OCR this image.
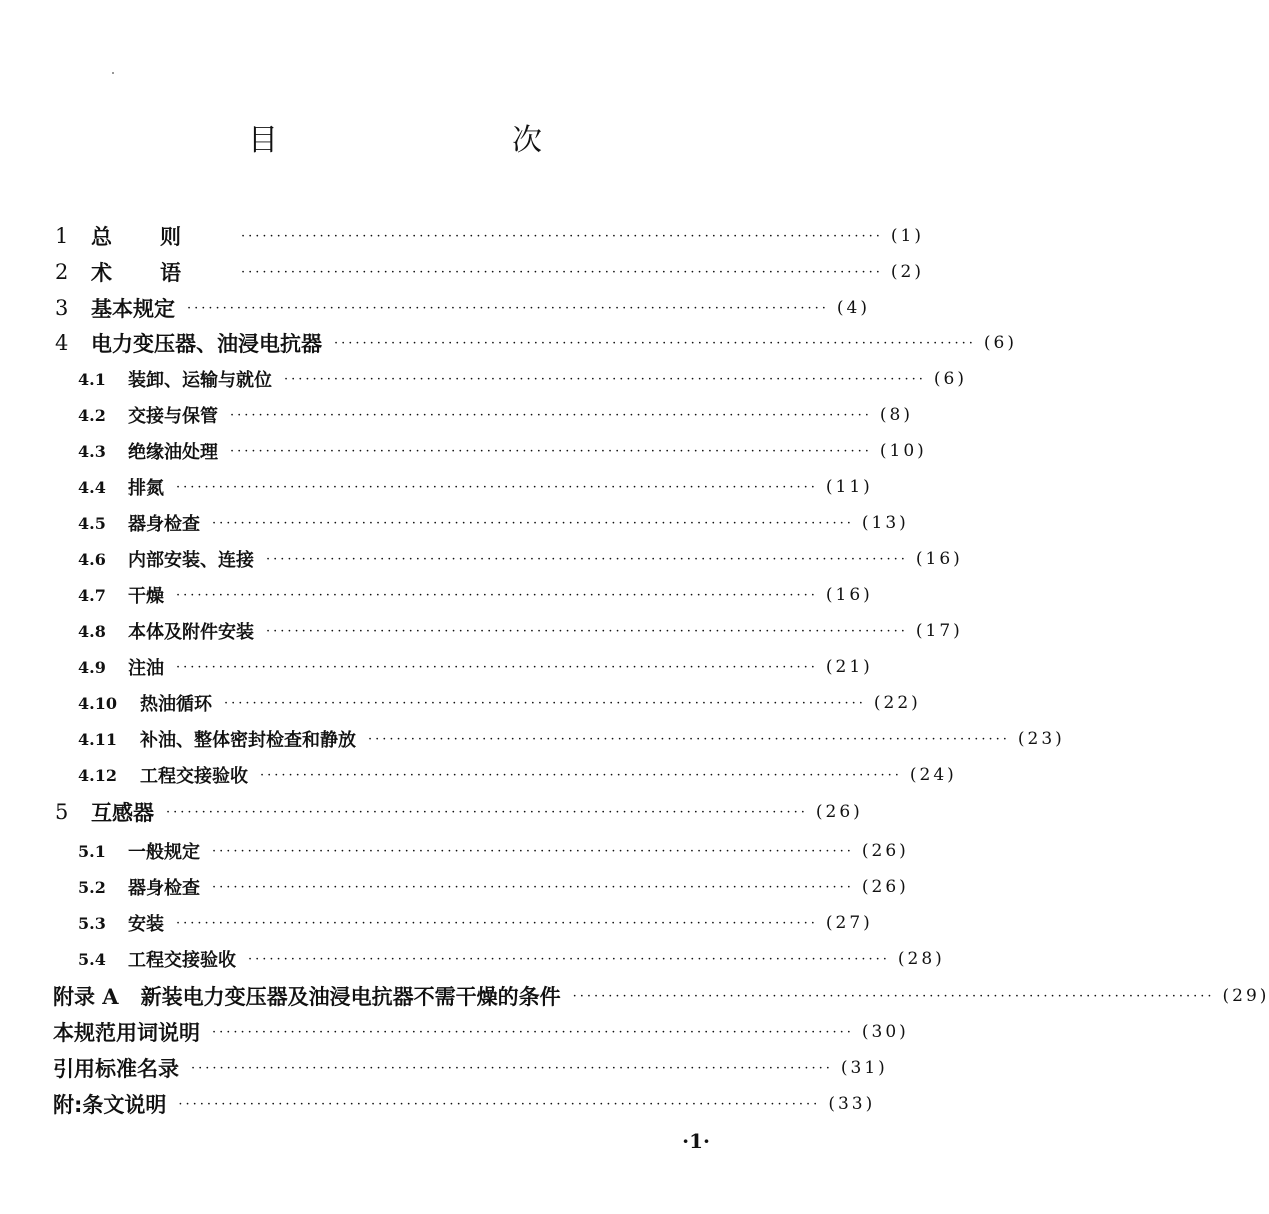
目　　次
1	总则 ·························································································· (1)
2	术语 ·························································································· (2)
3	基本规定 ·························································································· (4)
4	电力变压器、油浸电抗器 ·························································································· (6)
4.1	装卸、运输与就位 ·························································································· (6)
4.2	交接与保管 ·························································································· (8)
4.3	绝缘油处理 ·························································································· (10)
4.4	排氮 ·························································································· (11)
4.5	器身检查 ·························································································· (13)
4.6	内部安装、连接 ·························································································· (16)
4.7	干燥 ·························································································· (16)
4.8	本体及附件安装 ·························································································· (17)
4.9	注油 ·························································································· (21)
4.10	热油循环 ·························································································· (22)
4.11	补油、整体密封检查和静放 ·························································································· (23)
4.12	工程交接验收 ·························································································· (24)
5	互感器 ·························································································· (26)
5.1	一般规定 ·························································································· (26)
5.2	器身检查 ·························································································· (26)
5.3	安装 ·························································································· (27)
5.4	工程交接验收 ·························································································· (28)
附录 A 新装电力变压器及油浸电抗器不需干燥的条件 ·························································································· (29)
本规范用词说明 ·························································································· (30)
引用标准名录 ·························································································· (31)
附:条文说明 ·························································································· (33)
·1·
